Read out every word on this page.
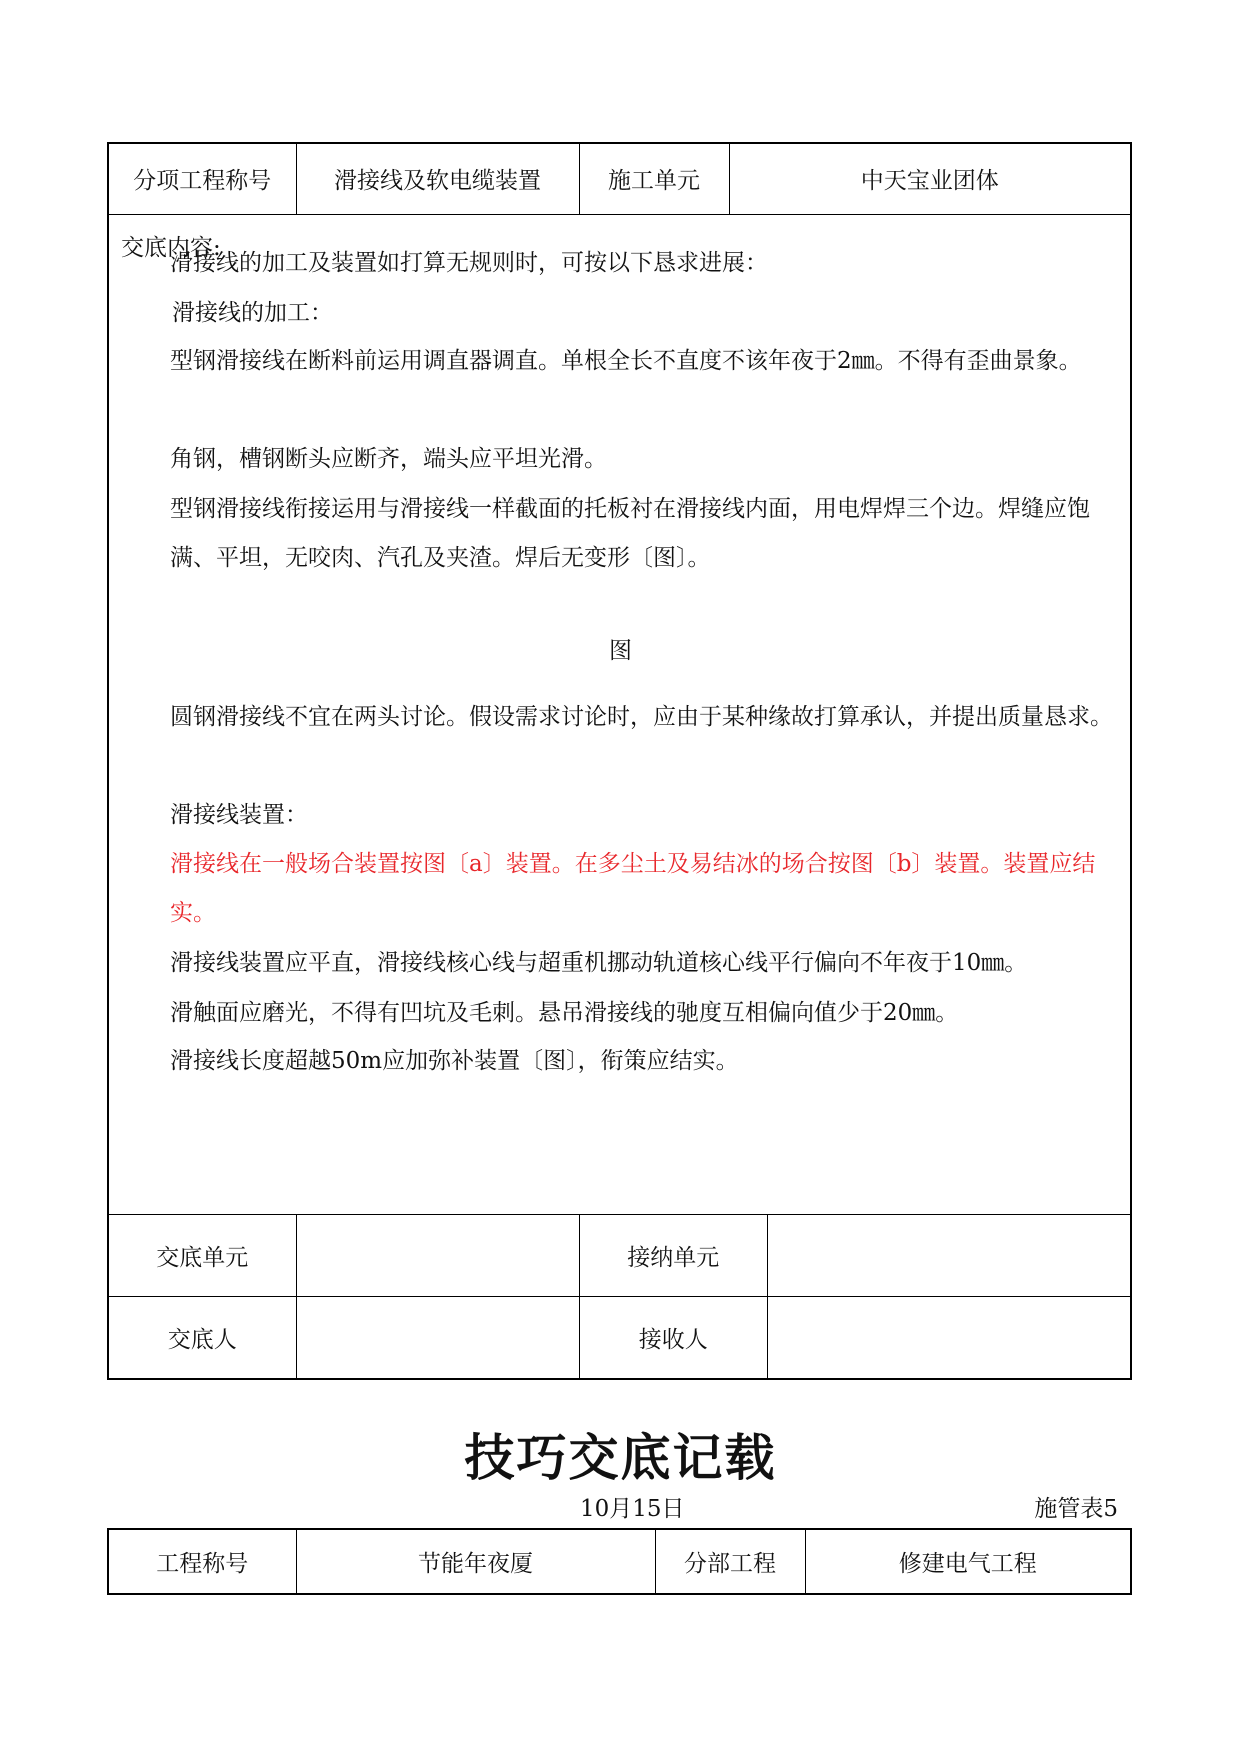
分项工程称号	滑接线及软电缆装置	施工单元	中天宝业团体

交底内容:
滑接线的加工及装置如打算无规则时，可按以下恳求进展：
滑接线的加工：
型钢滑接线在断料前运用调直器调直。单根全长不直度不该年夜于2㎜。不得有歪曲景象。
角钢，槽钢断头应断齐，端头应平坦光滑。
型钢滑接线衔接运用与滑接线一样截面的托板衬在滑接线内面，用电焊焊三个边。焊缝应饱满、平坦，无咬肉、汽孔及夹渣。焊后无变形〔图〕。
图
圆钢滑接线不宜在两头讨论。假设需求讨论时，应由于某种缘故打算承认，并提出质量恳求。
滑接线装置：
滑接线在一般场合装置按图〔a〕装置。在多尘土及易结冰的场合按图〔b〕装置。装置应结实。
滑接线装置应平直，滑接线核心线与超重机挪动轨道核心线平行偏向不年夜于10㎜。
滑触面应磨光，不得有凹坑及毛刺。悬吊滑接线的驰度互相偏向值少于20㎜。
滑接线长度超越50m应加弥补装置〔图〕，衔策应结实。

交底单元			接纳单元	

交底人			接收人	
技巧交底记载
10月15日	施管表5
工程称号	节能年夜厦	分部工程	修建电气工程
